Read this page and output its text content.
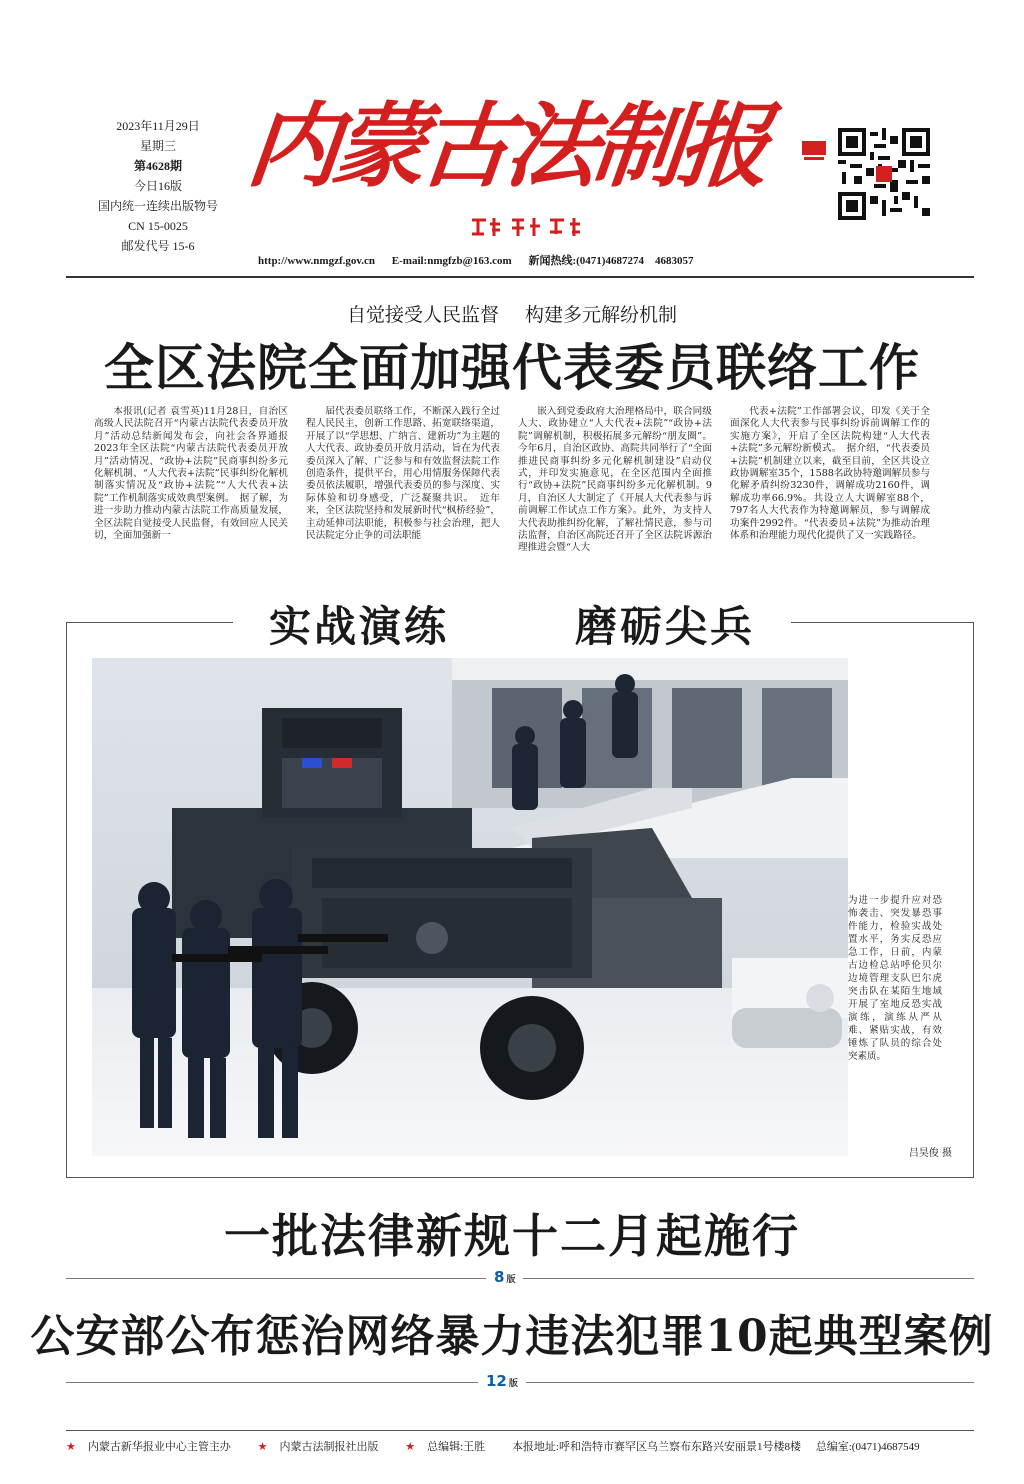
2023年11月29日
星期三
第4628期
今日16版
国内统一连续出版物号
CN 15-0025
邮发代号 15-6
内蒙古法制报
http://www.nmgzf.gov.cn E-mail:nmgfzb@163.com 新闻热线:(0471)4687274　4683057
自觉接受人民监督 构建多元解纷机制
全区法院全面加强代表委员联络工作

本报讯(记者 袁雪英)11月28日，自治区高级人民法院召开“内蒙古法院代表委员开放月”活动总结新闻发布会，向社会各界通报2023年全区法院“内蒙古法院代表委员开放月”活动情况、“政协+法院”民商事纠纷多元化解机制、“人大代表+法院”民事纠纷化解机制落实情况及“政协+法院”“人大代表+法院”工作机制落实成效典型案例。　据了解，为进一步助力推动内蒙古法院工作高质量发展，全区法院自觉接受人民监督，有效回应人民关切，全面加强新一

届代表委员联络工作，不断深入践行全过程人民民主，创新工作思路、拓宽联络渠道，开展了以“学思想、广纳言、建新功”为主题的人大代表、政协委员开放月活动，旨在为代表委员深入了解、广泛参与和有效监督法院工作创造条件，提供平台，用心用情服务保障代表委员依法履职，增强代表委员的参与深度、实际体验和切身感受，广泛凝聚共识。　近年来，全区法院坚持和发展新时代“枫桥经验”，主动延伸司法职能，积极参与社会治理，把人民法院定分止争的司法职能

嵌入到党委政府大治理格局中，联合同级人大、政协建立“人大代表+法院”“政协+法院”调解机制，积极拓展多元解纷“朋友圈”。今年6月，自治区政协、高院共同举行了“全面推进民商事纠纷多元化解机制建设”启动仪式，并印发实施意见，在全区范围内全面推行“政协+法院”民商事纠纷多元化解机制。9月，自治区人大制定了《开展人大代表参与诉前调解工作试点工作方案》。此外，为支持人大代表助推纠纷化解，了解社情民意，参与司法监督，自治区高院还召开了全区法院诉源治理推进会暨“人大

代表+法院”工作部署会议，印发《关于全面深化人大代表参与民事纠纷诉前调解工作的实施方案》，开启了全区法院构建“人大代表+法院”多元解纷新模式。　据介绍，“代表委员+法院”机制建立以来，截至目前，全区共设立政协调解室35个，1588名政协特邀调解员参与化解矛盾纠纷3230件，调解成功2160件，调解成功率66.9%。共设立人大调解室88个，797名人大代表作为特邀调解员，参与调解成功案件2992件。“代表委员+法院”为推动治理体系和治理能力现代化提供了又一实践路径。

实战演练　　	磨砺尖兵
为进一步提升应对恐怖袭击、突发暴恐事件能力，检验实战处置水平，务实反恐应急工作，日前，内蒙古边检总站呼伦贝尔边境管理支队巴尔虎突击队在某陌生地域开展了室地反恐实战演练，演练从严从难、紧贴实战，有效锤炼了队员的综合处突素质。
吕昊俊 摄
一批法律新规十二月起施行
8 版
公安部公布惩治网络暴力违法犯罪10起典型案例
12 版
★ 内蒙古新华报业中心主管主办 ★ 内蒙古法制报社出版 ★ 总编辑:王胜 本报地址:呼和浩特市赛罕区乌兰察布东路兴安丽景1号楼8楼 总编室:(0471)4687549
